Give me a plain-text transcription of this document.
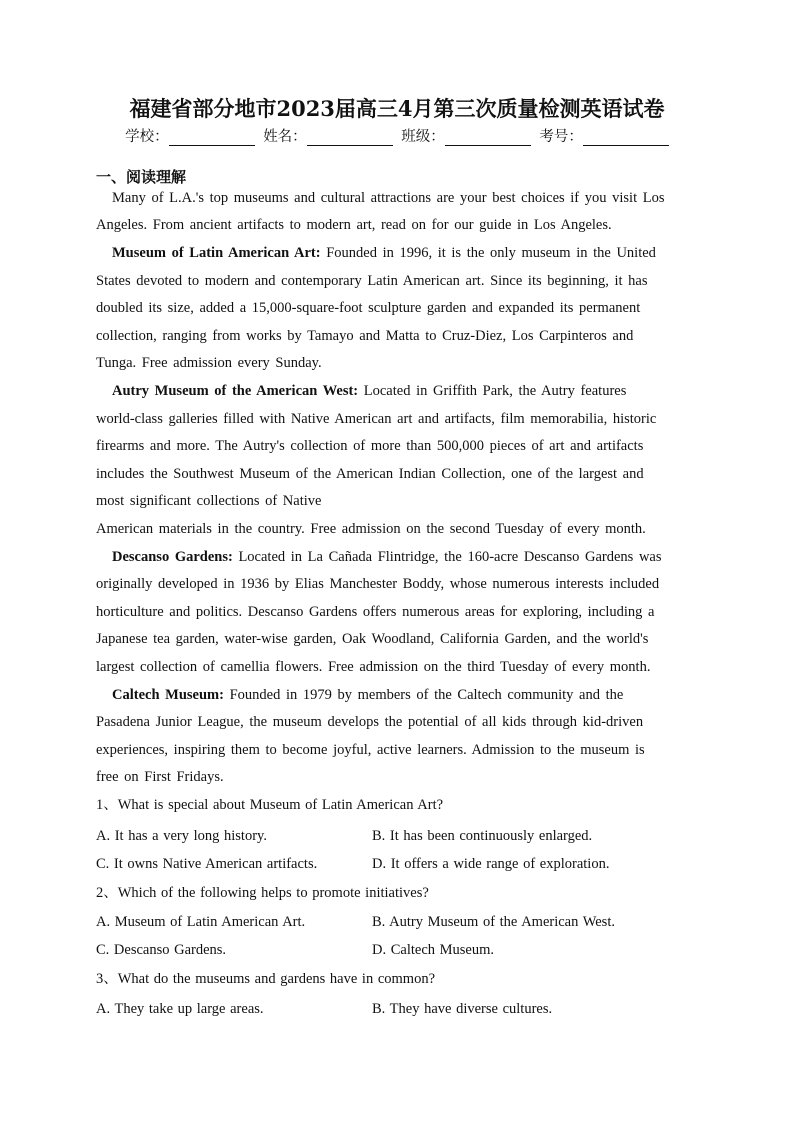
福建省部分地市2023届高三4月第三次质量检测英语试卷
学校：	姓名：	班级：	考号：
一、阅读理解
Many of L.A.'s top museums and cultural attractions are your best choices if you visit Los
Angeles. From ancient artifacts to modern art, read on for our guide in Los Angeles.
Museum of Latin American Art: Founded in 1996, it is the only museum in the United
States devoted to modern and contemporary Latin American art. Since its beginning, it has
doubled its size, added a 15,000-square-foot sculpture garden and expanded its permanent
collection, ranging from works by Tamayo and Matta to Cruz-Diez, Los Carpinteros and
Tunga. Free admission every Sunday.
Autry Museum of the American West: Located in Griffith Park, the Autry features
world-class galleries filled with Native American art and artifacts, film memorabilia, historic
firearms and more. The Autry's collection of more than 500,000 pieces of art and artifacts
includes the Southwest Museum of the American Indian Collection, one of the largest and
most significant collections of Native
American materials in the country. Free admission on the second Tuesday of every month.
Descanso Gardens: Located in La Cañada Flintridge, the 160-acre Descanso Gardens was
originally developed in 1936 by Elias Manchester Boddy, whose numerous interests included
horticulture and politics. Descanso Gardens offers numerous areas for exploring, including a
Japanese tea garden, water-wise garden, Oak Woodland, California Garden, and the world's
largest collection of camellia flowers. Free admission on the third Tuesday of every month.
Caltech Museum: Founded in 1979 by members of the Caltech community and the
Pasadena Junior League, the museum develops the potential of all kids through kid-driven
experiences, inspiring them to become joyful, active learners. Admission to the museum is
free on First Fridays.
1、What is special about Museum of Latin American Art?
A. It has a very long history.	B. It has been continuously enlarged.
C. It owns Native American artifacts.	D. It offers a wide range of exploration.
2、Which of the following helps to promote initiatives?
A. Museum of Latin American Art.	B. Autry Museum of the American West.
C. Descanso Gardens.	D. Caltech Museum.
3、What do the museums and gardens have in common?
A. They take up large areas.	B. They have diverse cultures.
